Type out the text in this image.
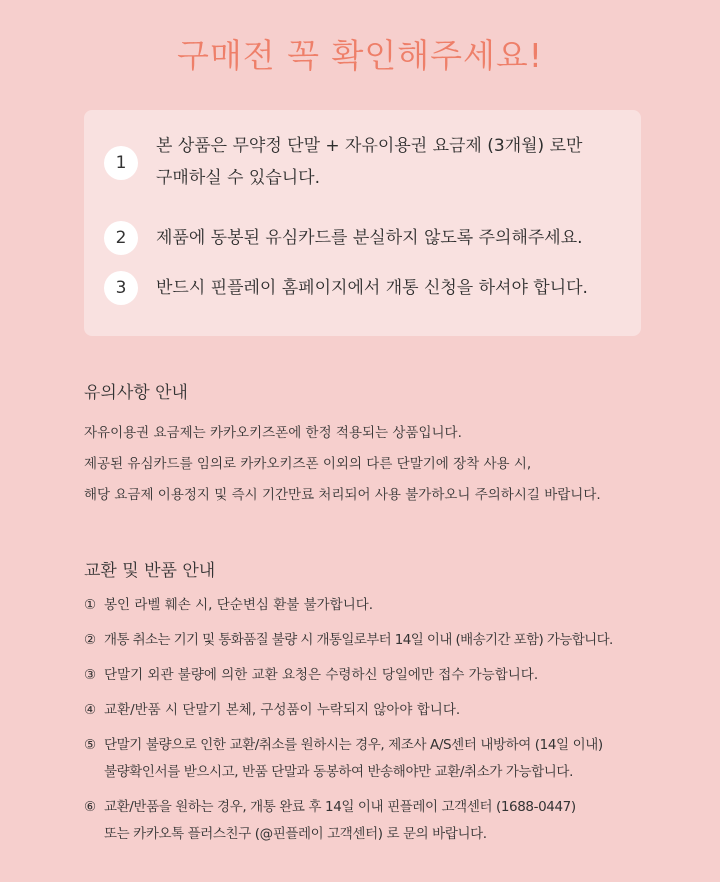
구매전 꼭 확인해주세요!
1
본 상품은 무약정 단말 + 자유이용권 요금제 (3개월) 로만
구매하실 수 있습니다.
2	제품에 동봉된 유심카드를 분실하지 않도록 주의해주세요.
3	반드시 핀플레이 홈페이지에서 개통 신청을 하셔야 합니다.
유의사항 안내
자유이용권 요금제는 카카오키즈폰에 한정 적용되는 상품입니다.
제공된 유심카드를 임의로 카카오키즈폰 이외의 다른 단말기에 장착 사용 시,
해당 요금제 이용정지 및 즉시 기간만료 처리되어 사용 불가하오니 주의하시길 바랍니다.
교환 및 반품 안내
① 봉인 라벨 훼손 시, 단순변심 환불 불가합니다.
② 개통 취소는 기기 및 통화품질 불량 시 개통일로부터 14일 이내 (배송기간 포함) 가능합니다.
③ 단말기 외관 불량에 의한 교환 요청은 수령하신 당일에만 접수 가능합니다.
④ 교환/반품 시 단말기 본체, 구성품이 누락되지 않아야 합니다.
⑤ 단말기 불량으로 인한 교환/취소를 원하시는 경우, 제조사 A/S센터 내방하여 (14일 이내)
불량확인서를 받으시고, 반품 단말과 동봉하여 반송해야만 교환/취소가 가능합니다.
⑥ 교환/반품을 원하는 경우, 개통 완료 후 14일 이내 핀플레이 고객센터 (1688-0447)
또는 카카오톡 플러스친구 (@핀플레이 고객센터) 로 문의 바랍니다.
